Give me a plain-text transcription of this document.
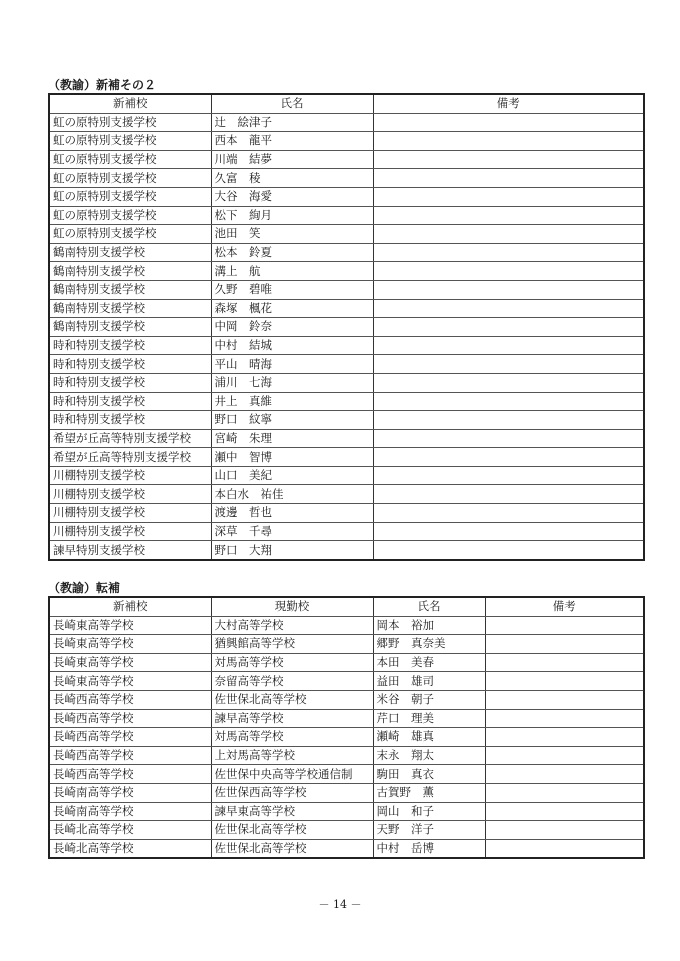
（教諭）新補その２
新補校	氏名	備考
虹の原特別支援学校	辻　絵津子	
虹の原特別支援学校	西本　龍平	
虹の原特別支援学校	川端　結夢	
虹の原特別支援学校	久富　稜	
虹の原特別支援学校	大谷　海愛	
虹の原特別支援学校	松下　絢月	
虹の原特別支援学校	池田　笑	
鶴南特別支援学校	松本　鈴夏	
鶴南特別支援学校	溝上　航	
鶴南特別支援学校	久野　碧唯	
鶴南特別支援学校	森塚　楓花	
鶴南特別支援学校	中岡　鈴奈	
時和特別支援学校	中村　結城	
時和特別支援学校	平山　晴海	
時和特別支援学校	浦川　七海	
時和特別支援学校	井上　真維	
時和特別支援学校	野口　紋寧	
希望が丘高等特別支援学校	宮崎　朱理	
希望が丘高等特別支援学校	瀬中　智博	
川棚特別支援学校	山口　美紀	
川棚特別支援学校	本白水　祐佳	
川棚特別支援学校	渡邊　哲也	
川棚特別支援学校	深草　千尋	
諫早特別支援学校	野口　大翔	
（教諭）転補
新補校	現勤校	氏名	備考
長崎東高等学校	大村高等学校	岡本　裕加	
長崎東高等学校	猶興館高等学校	郷野　真奈美	
長崎東高等学校	対馬高等学校	本田　美春	
長崎東高等学校	奈留高等学校	益田　雄司	
長崎西高等学校	佐世保北高等学校	米谷　朝子	
長崎西高等学校	諫早高等学校	芹口　理美	
長崎西高等学校	対馬高等学校	瀬崎　雄真	
長崎西高等学校	上対馬高等学校	末永　翔太	
長崎西高等学校	佐世保中央高等学校通信制	駒田　真衣	
長崎南高等学校	佐世保西高等学校	古賀野　薫	
長崎南高等学校	諫早東高等学校	岡山　和子	
長崎北高等学校	佐世保北高等学校	天野　洋子	
長崎北高等学校	佐世保北高等学校	中村　岳博	
－ 14 －
